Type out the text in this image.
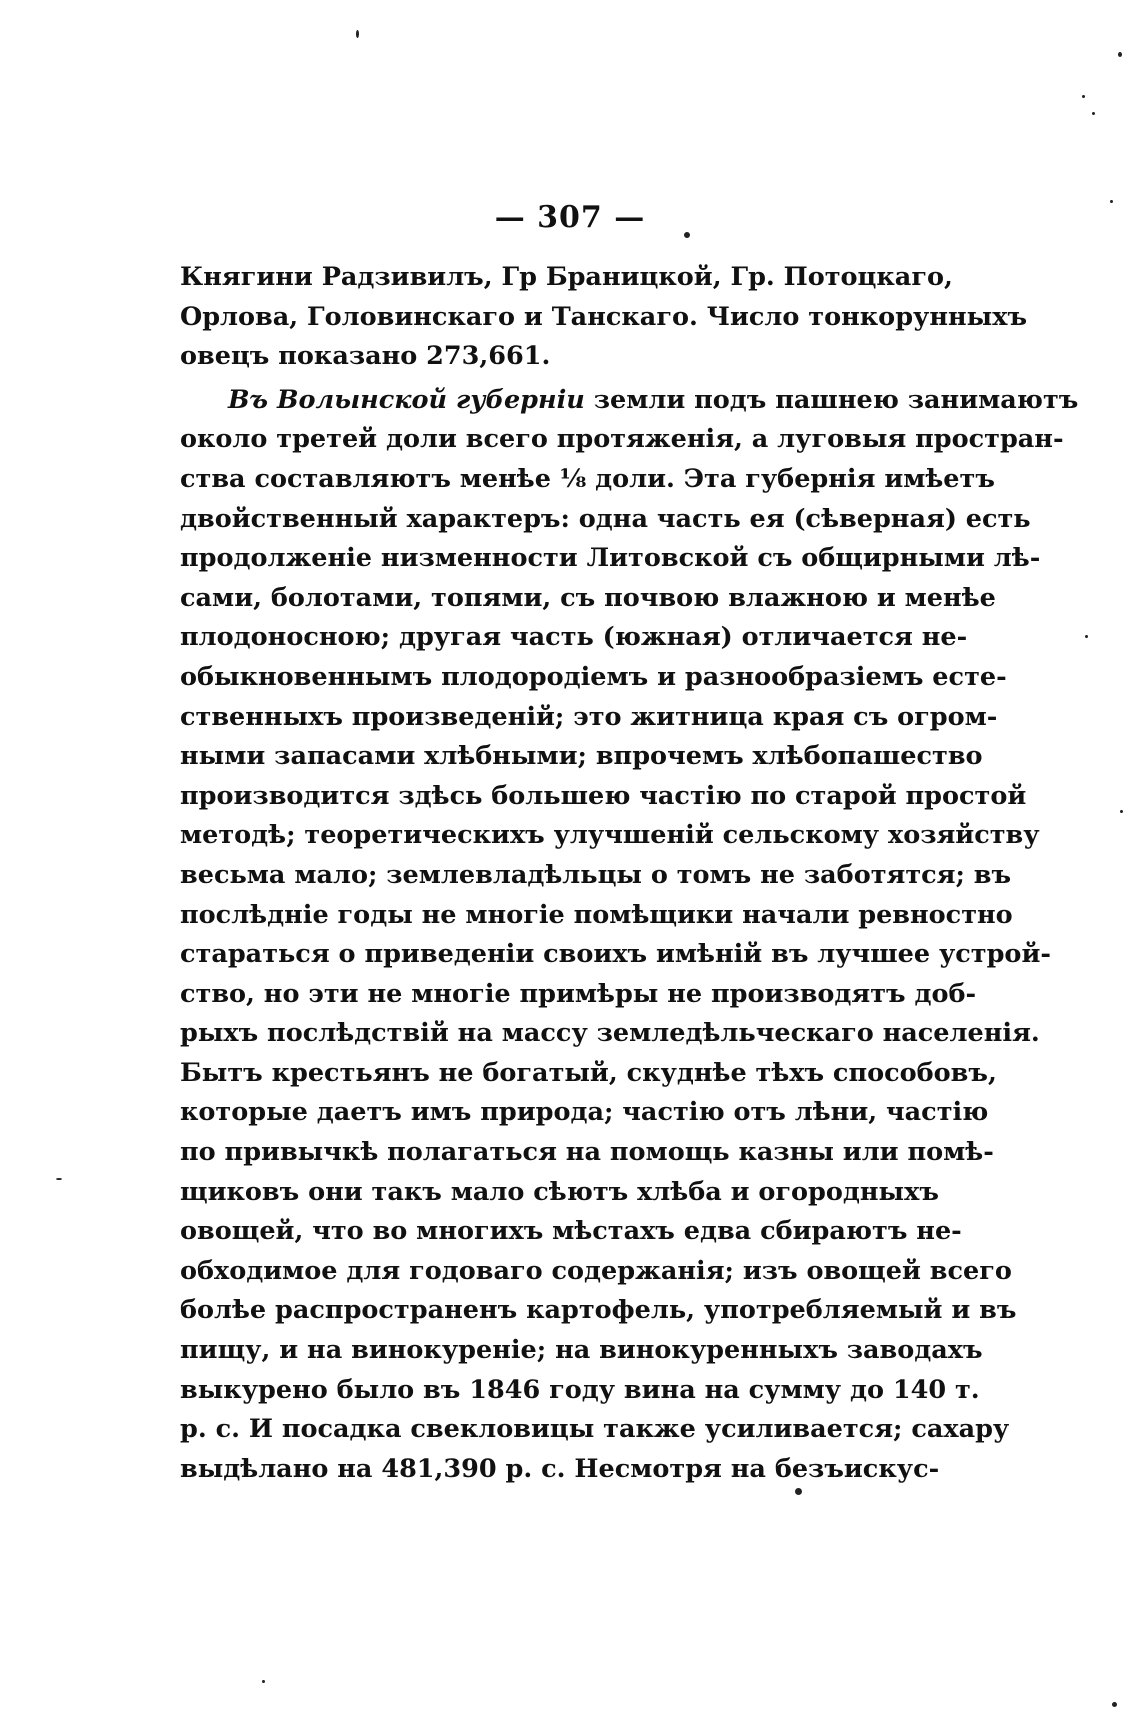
— 307 —
Княгини Радзивилъ, Гр Браницкой, Гр. Потоцкаго,
Орлова, Головинскаго и Танскаго. Число тонкорунныхъ
овецъ показано 273,661.
Въ Волынской губерніи земли подъ пашнею занимаютъ
около третей доли всего протяженія, а луговыя простран-
ства составляютъ менѣе ⅛ доли. Эта губернія имѣетъ
двойственный характеръ: одна часть ея (сѣверная) есть
продолженіе низменности Литовской съ общирными лѣ-
сами, болотами, топями, съ почвою влажною и менѣе
плодоносною; другая часть (южная) отличается не-
обыкновеннымъ плодородіемъ и разнообразіемъ есте-
ственныхъ произведеній; это житница края съ огром-
ными запасами хлѣбными; впрочемъ хлѣбопашество
производится здѣсь большею частію по старой простой
методѣ; теоретическихъ улучшеній сельскому хозяйству
весьма мало; землевладѣльцы о томъ не заботятся; въ
послѣдніе годы не многіе помѣщики начали ревностно
стараться о приведеніи своихъ имѣній въ лучшее устрой-
ство, но эти не многіе примѣры не производятъ доб-
рыхъ послѣдствій на массу земледѣльческаго населенія.
Бытъ крестьянъ не богатый, скуднѣе тѣхъ способовъ,
которые даетъ имъ природа; частію отъ лѣни, частію
по привычкѣ полагаться на помощь казны или помѣ-
щиковъ они такъ мало сѣютъ хлѣба и огородныхъ
овощей, что во многихъ мѣстахъ едва сбираютъ не-
обходимое для годоваго содержанія; изъ овощей всего
болѣе распространенъ картофель, употребляемый и въ
пищу, и на винокуреніе; на винокуренныхъ заводахъ
выкурено было въ 1846 году вина на сумму до 140 т.
р. с. И посадка свекловицы также усиливается; сахару
выдѣлано на 481,390 р. с. Несмотря на безъискус-
